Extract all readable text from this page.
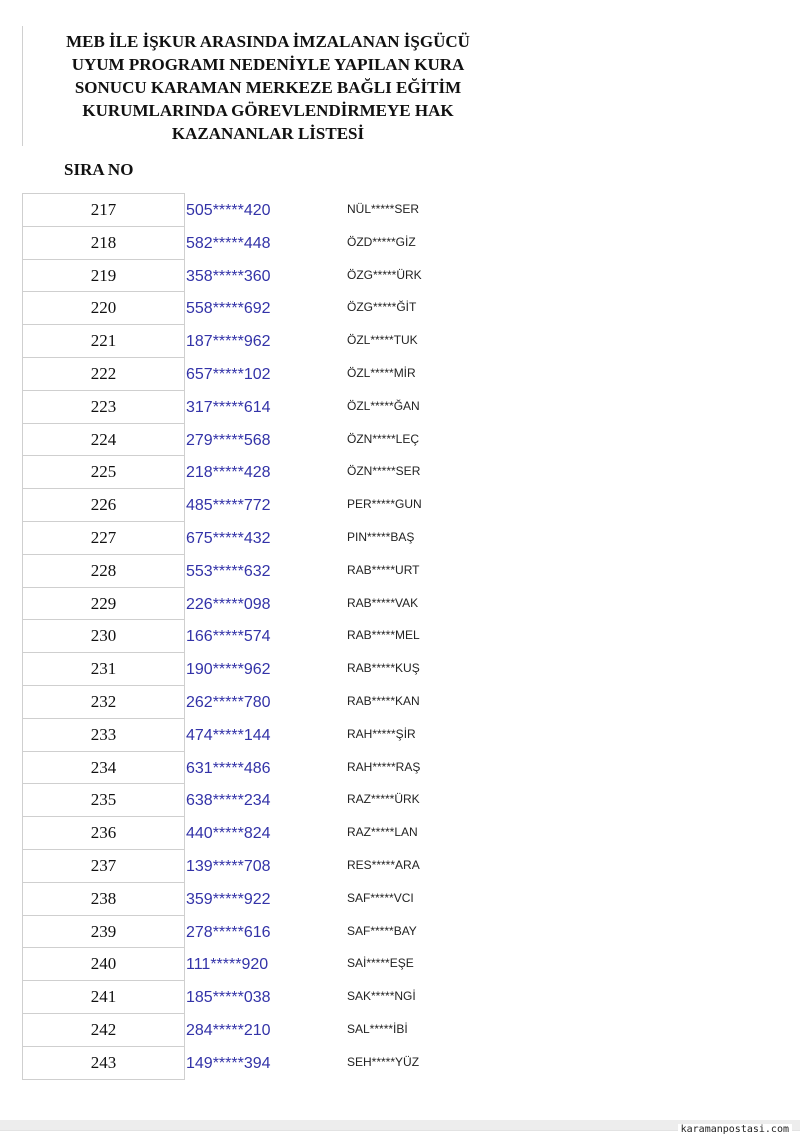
MEB İLE İŞKUR ARASINDA İMZALANAN İŞGÜCÜ
UYUM PROGRAMI NEDENİYLE YAPILAN KURA
SONUCU KARAMAN MERKEZE BAĞLI EĞİTİM
KURUMLARINDA GÖREVLENDİRMEYE HAK
KAZANANLAR LİSTESİ
SIRA NO
217	505*****420	NÜL*****SER
218	582*****448	ÖZD*****GİZ
219	358*****360	ÖZG*****ÜRK
220	558*****692	ÖZG*****ĞİT
221	187*****962	ÖZL*****TUK
222	657*****102	ÖZL*****MİR
223	317*****614	ÖZL*****ĞAN
224	279*****568	ÖZN*****LEÇ
225	218*****428	ÖZN*****SER
226	485*****772	PER*****GUN
227	675*****432	PIN*****BAŞ
228	553*****632	RAB*****URT
229	226*****098	RAB*****VAK
230	166*****574	RAB*****MEL
231	190*****962	RAB*****KUŞ
232	262*****780	RAB*****KAN
233	474*****144	RAH*****ŞİR
234	631*****486	RAH*****RAŞ
235	638*****234	RAZ*****ÜRK
236	440*****824	RAZ*****LAN
237	139*****708	RES*****ARA
238	359*****922	SAF*****VCI
239	278*****616	SAF*****BAY
240	111*****920	SAİ*****EŞE
241	185*****038	SAK*****NGİ
242	284*****210	SAL*****İBİ
243	149*****394	SEH*****YÜZ
karamanpostasi.com
